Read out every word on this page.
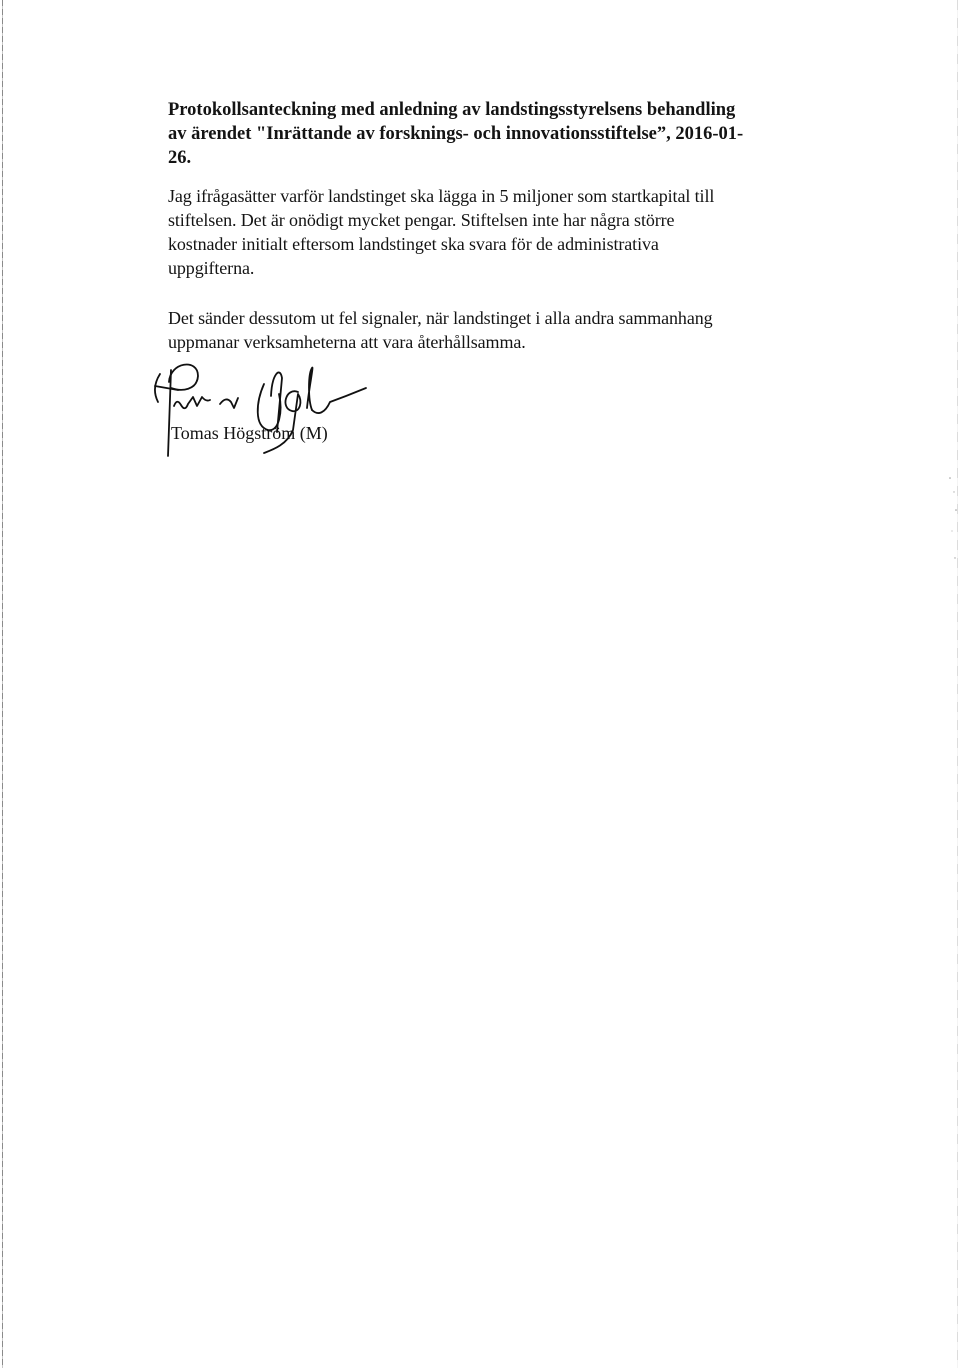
Protokollsanteckning med anledning av landstingsstyrelsens behandling
av ärendet "Inrättande av forsknings- och innovationsstiftelse”, 2016-01-
26.
Jag ifrågasätter varför landstinget ska lägga in 5 miljoner som startkapital till
stiftelsen. Det är onödigt mycket pengar. Stiftelsen inte har några större
kostnader initialt eftersom landstinget ska svara för de administrativa
uppgifterna.
Det sänder dessutom ut fel signaler, när landstinget i alla andra sammanhang
uppmanar verksamheterna att vara återhållsamma.
Tomas Högström (M)
